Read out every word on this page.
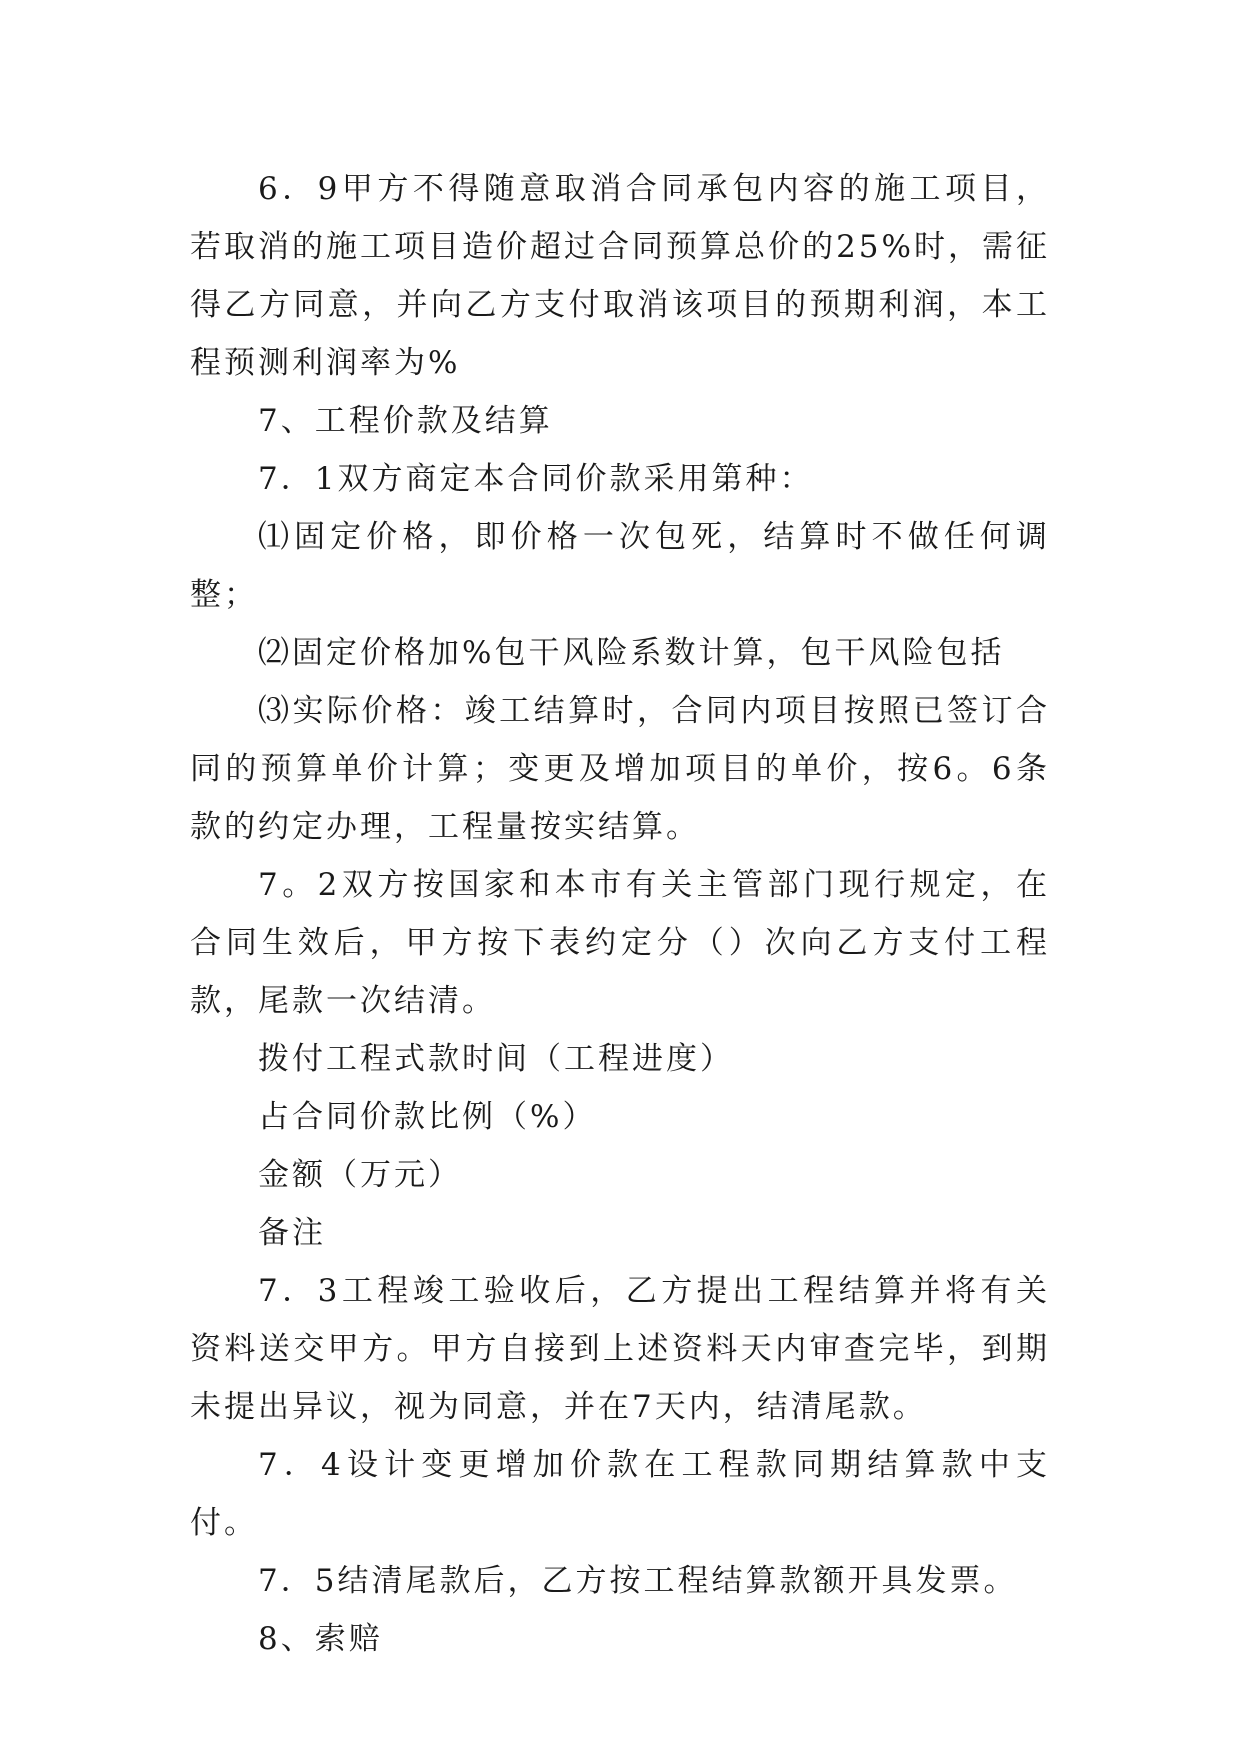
6．9甲方不得随意取消合同承包内容的施工项目，若取消的施工项目造价超过合同预算总价的25%时，需征得乙方同意，并向乙方支付取消该项目的预期利润，本工程预测利润率为%

7、工程价款及结算

7．1双方商定本合同价款采用第种：

⑴固定价格，即价格一次包死，结算时不做任何调整；

⑵固定价格加%包干风险系数计算，包干风险包括

⑶实际价格：竣工结算时，合同内项目按照已签订合同的预算单价计算；变更及增加项目的单价，按6。6条款的约定办理，工程量按实结算。

7。2双方按国家和本市有关主管部门现行规定，在合同生效后，甲方按下表约定分（）次向乙方支付工程款，尾款一次结清。

拨付工程式款时间（工程进度）

占合同价款比例（%）

金额（万元）

备注

7．3工程竣工验收后，乙方提出工程结算并将有关资料送交甲方。甲方自接到上述资料天内审查完毕，到期未提出异议，视为同意，并在7天内，结清尾款。

7．4设计变更增加价款在工程款同期结算款中支付。

7．5结清尾款后，乙方按工程结算款额开具发票。

8、索赔
